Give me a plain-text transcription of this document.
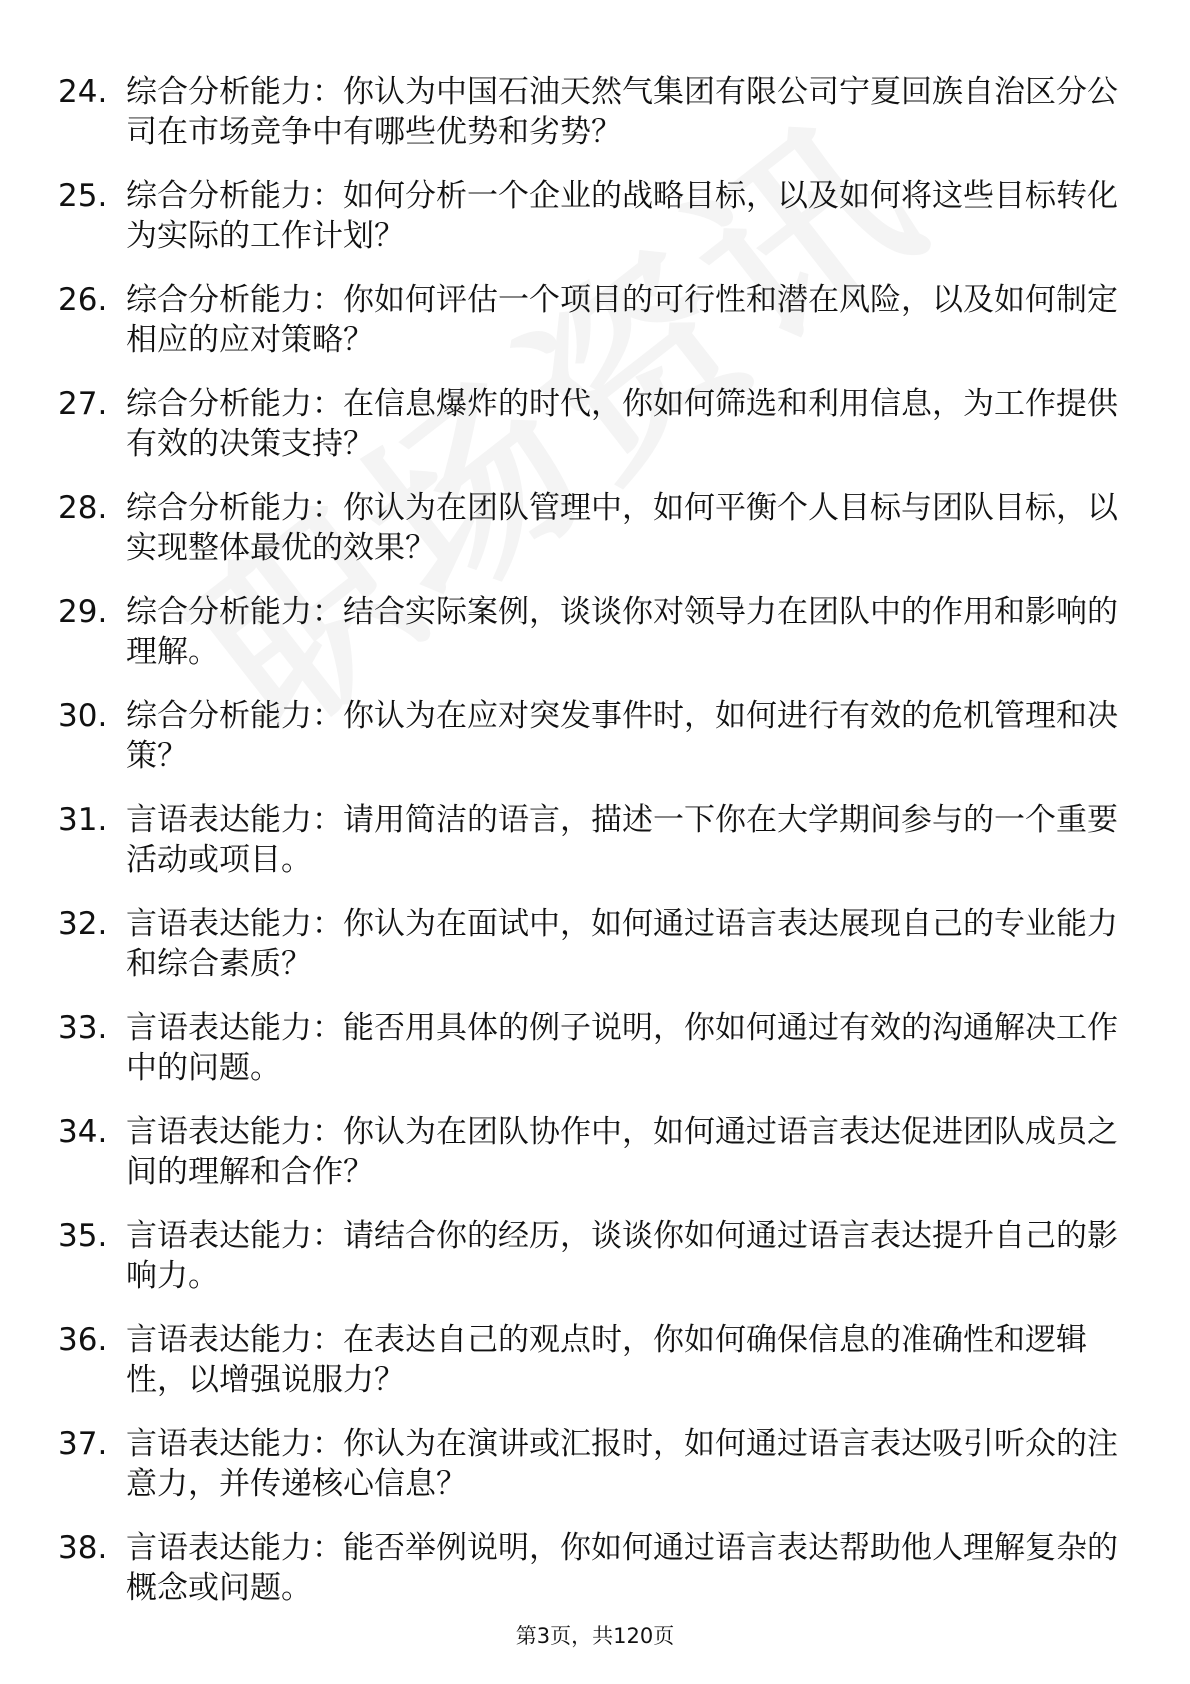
24. 综合分析能力：你认为中国石油天然气集团有限公司宁夏回族自治区分公司在市场竞争中有哪些优势和劣势？
25. 综合分析能力：如何分析一个企业的战略目标，以及如何将这些目标转化为实际的工作计划？
26. 综合分析能力：你如何评估一个项目的可行性和潜在风险，以及如何制定相应的应对策略？
27. 综合分析能力：在信息爆炸的时代，你如何筛选和利用信息，为工作提供有效的决策支持？
28. 综合分析能力：你认为在团队管理中，如何平衡个人目标与团队目标，以实现整体最优的效果？
29. 综合分析能力：结合实际案例，谈谈你对领导力在团队中的作用和影响的理解。
30. 综合分析能力：你认为在应对突发事件时，如何进行有效的危机管理和决策？
31. 言语表达能力：请用简洁的语言，描述一下你在大学期间参与的一个重要活动或项目。
32. 言语表达能力：你认为在面试中，如何通过语言表达展现自己的专业能力和综合素质？
33. 言语表达能力：能否用具体的例子说明，你如何通过有效的沟通解决工作中的问题。
34. 言语表达能力：你认为在团队协作中，如何通过语言表达促进团队成员之间的理解和合作？
35. 言语表达能力：请结合你的经历，谈谈你如何通过语言表达提升自己的影响力。
36. 言语表达能力：在表达自己的观点时，你如何确保信息的准确性和逻辑性，以增强说服力？
37. 言语表达能力：你认为在演讲或汇报时，如何通过语言表达吸引听众的注意力，并传递核心信息？
38. 言语表达能力：能否举例说明，你如何通过语言表达帮助他人理解复杂的概念或问题。
第3页，共120页
